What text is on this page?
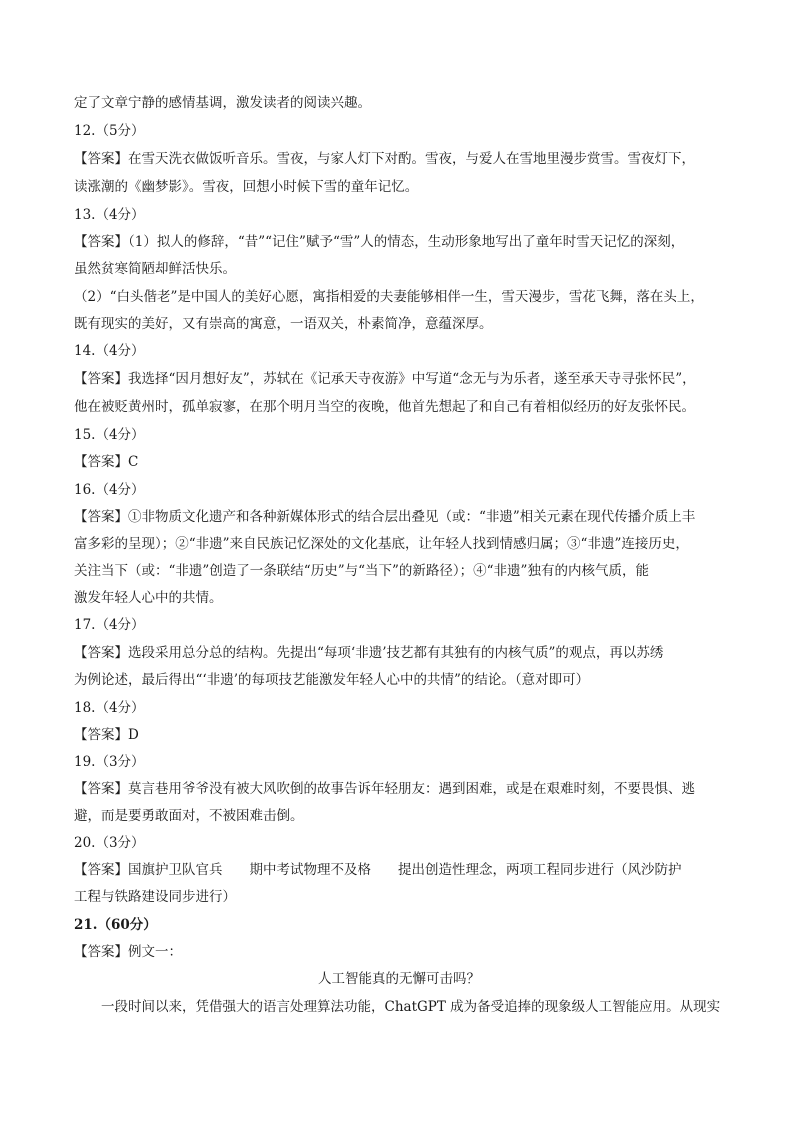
定了文章宁静的感情基调，激发读者的阅读兴趣。
12.（5分）
【答案】在雪天洗衣做饭听音乐。雪夜，与家人灯下对酌。雪夜，与爱人在雪地里漫步赏雪。雪夜灯下，
读涨潮的《幽梦影》。雪夜，回想小时候下雪的童年记忆。
13.（4分）
【答案】（1）拟人的修辞，“昔”“记住”赋予“雪”人的情态，生动形象地写出了童年时雪天记忆的深刻，
虽然贫寒简陋却鲜活快乐。
（2）“白头偕老”是中国人的美好心愿，寓指相爱的夫妻能够相伴一生，雪天漫步，雪花飞舞，落在头上，
既有现实的美好，又有崇高的寓意，一语双关，朴素简净，意蕴深厚。
14.（4分）
【答案】我选择“因月想好友”，苏轼在《记承天寺夜游》中写道“念无与为乐者，遂至承天寺寻张怀民”，
他在被贬黄州时，孤单寂寥，在那个明月当空的夜晚，他首先想起了和自己有着相似经历的好友张怀民。
15.（4分）
【答案】C
16.（4分）
【答案】①非物质文化遗产和各种新媒体形式的结合层出叠见（或：“非遗”相关元素在现代传播介质上丰
富多彩的呈现）；②“非遗”来自民族记忆深处的文化基底，让年轻人找到情感归属；③“非遗”连接历史，
关注当下（或：“非遗”创造了一条联结“历史”与“当下”的新路径）；④“非遗”独有的内核气质，能
激发年轻人心中的共情。
17.（4分）
【答案】选段采用总分总的结构。先提出“每项‘非遗’技艺都有其独有的内核气质”的观点，再以苏绣
为例论述，最后得出“‘非遗’的每项技艺能激发年轻人心中的共情”的结论。（意对即可）
18.（4分）
【答案】D
19.（3分）
【答案】莫言巷用爷爷没有被大风吹倒的故事告诉年轻朋友：遇到困难，或是在艰难时刻，不要畏惧、逃
避，而是要勇敢面对，不被困难击倒。
20.（3分）
【答案】国旗护卫队官兵　　期中考试物理不及格　　提出创造性理念，两项工程同步进行（风沙防护
工程与铁路建设同步进行）
21.（60分）
【答案】例文一：
人工智能真的无懈可击吗？
　　一段时间以来，凭借强大的语言处理算法功能，ChatGPT 成为备受追捧的现象级人工智能应用。从现实
